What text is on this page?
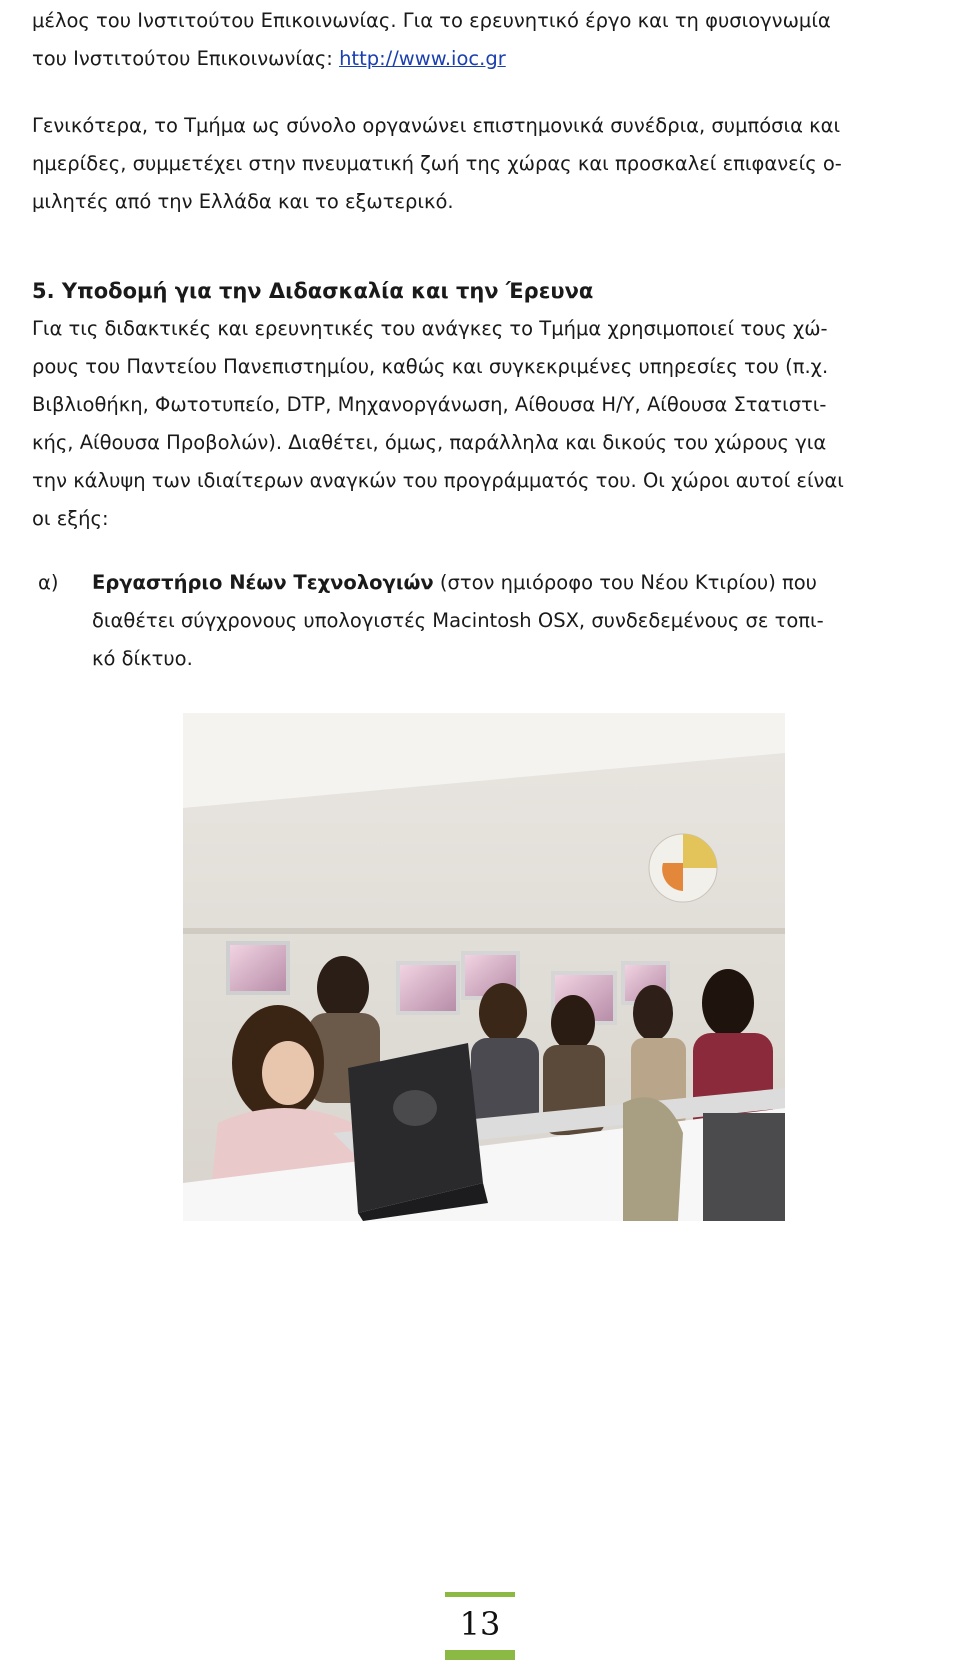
μέλος του Ινστιτούτου Επικοινωνίας. Για το ερευνητικό έργο και τη φυσιογνωμία
του Ινστιτούτου Επικοινωνίας: http://www.ioc.gr

Γενικότερα, το Τμήμα ως σύνολο οργανώνει επιστημονικά συνέδρια, συμπόσια και
ημερίδες, συμμετέχει στην πνευματική ζωή της χώρας και προσκαλεί επιφανείς ο-
μιλητές από την Ελλάδα και το εξωτερικό.

5. Υποδομή για την Διδασκαλία και την Έρευνα

Για τις διδακτικές και ερευνητικές του ανάγκες το Τμήμα χρησιμοποιεί τους χώ-
ρους του Παντείου Πανεπιστημίου, καθώς και συγκεκριμένες υπηρεσίες του (π.χ.
Βιβλιοθήκη, Φωτοτυπείο, DTP, Μηχανοργάνωση, Αίθουσα Η/Υ, Αίθουσα Στατιστι-
κής, Αίθουσα Προβολών). Διαθέτει, όμως, παράλληλα και δικούς του χώρους για
την κάλυψη των ιδιαίτερων αναγκών του προγράμματός του. Οι χώροι αυτοί είναι
οι εξής:

α) Εργαστήριο Νέων Τεχνολογιών (στον ημιόροφο του Νέου Κτιρίου) που
διαθέτει σύγχρονους υπολογιστές Macintosh OSX, συνδεδεμένους σε τοπι-
κό δίκτυο.

13
